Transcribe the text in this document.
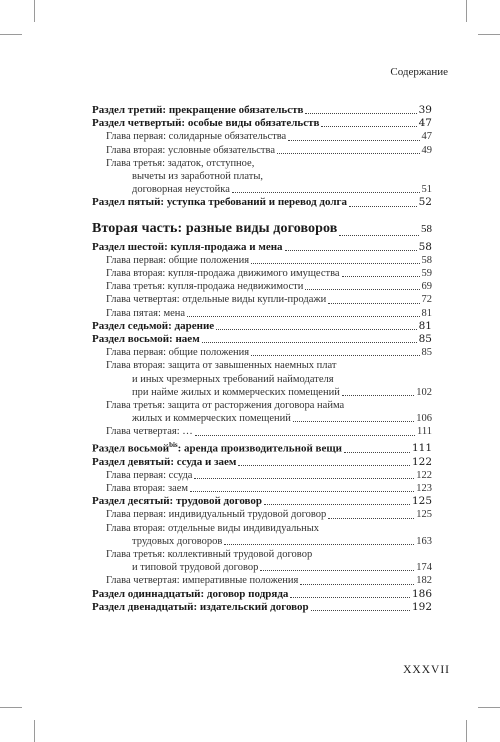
Содержание
Раздел третий: прекращение обязательств	39
Раздел четвертый: особые виды обязательств	47
Глава первая: солидарные обязательства	47
Глава вторая: условные обязательства	49
Глава третья: задаток, отступное,
вычеты из заработной платы,
договорная неустойка	51
Раздел пятый: уступка требований и перевод долга	52
Вторая часть: разные виды договоров	58
Раздел шестой: купля-продажа и мена	58
Глава первая: общие положения	58
Глава вторая: купля-продажа движимого имущества	59
Глава третья: купля-продажа недвижимости	69
Глава четвертая: отдельные виды купли-продажи	72
Глава пятая: мена	81
Раздел седьмой: дарение	81
Раздел восьмой: наем	85
Глава первая: общие положения	85
Глава вторая: защита от завышенных наемных плат
и иных чрезмерных требований наймодателя
при найме жилых и коммерческих помещений	102
Глава третья: защита от расторжения договора найма
жилых и коммерческих помещений	106
Глава четвертая: …	111
Раздел восьмой$^{bis}$: аренда производительной вещи	111
Раздел девятый: ссуда и заем	122
Глава первая: ссуда	122
Глава вторая: заем	123
Раздел десятый: трудовой договор	125
Глава первая: индивидуальный трудовой договор	125
Глава вторая: отдельные виды индивидуальных
трудовых договоров	163
Глава третья: коллективный трудовой договор
и типовой трудовой договор	174
Глава четвертая: императивные положения	182
Раздел одиннадцатый: договор подряда	186
Раздел двенадцатый: издательский договор	192
XXXVII
